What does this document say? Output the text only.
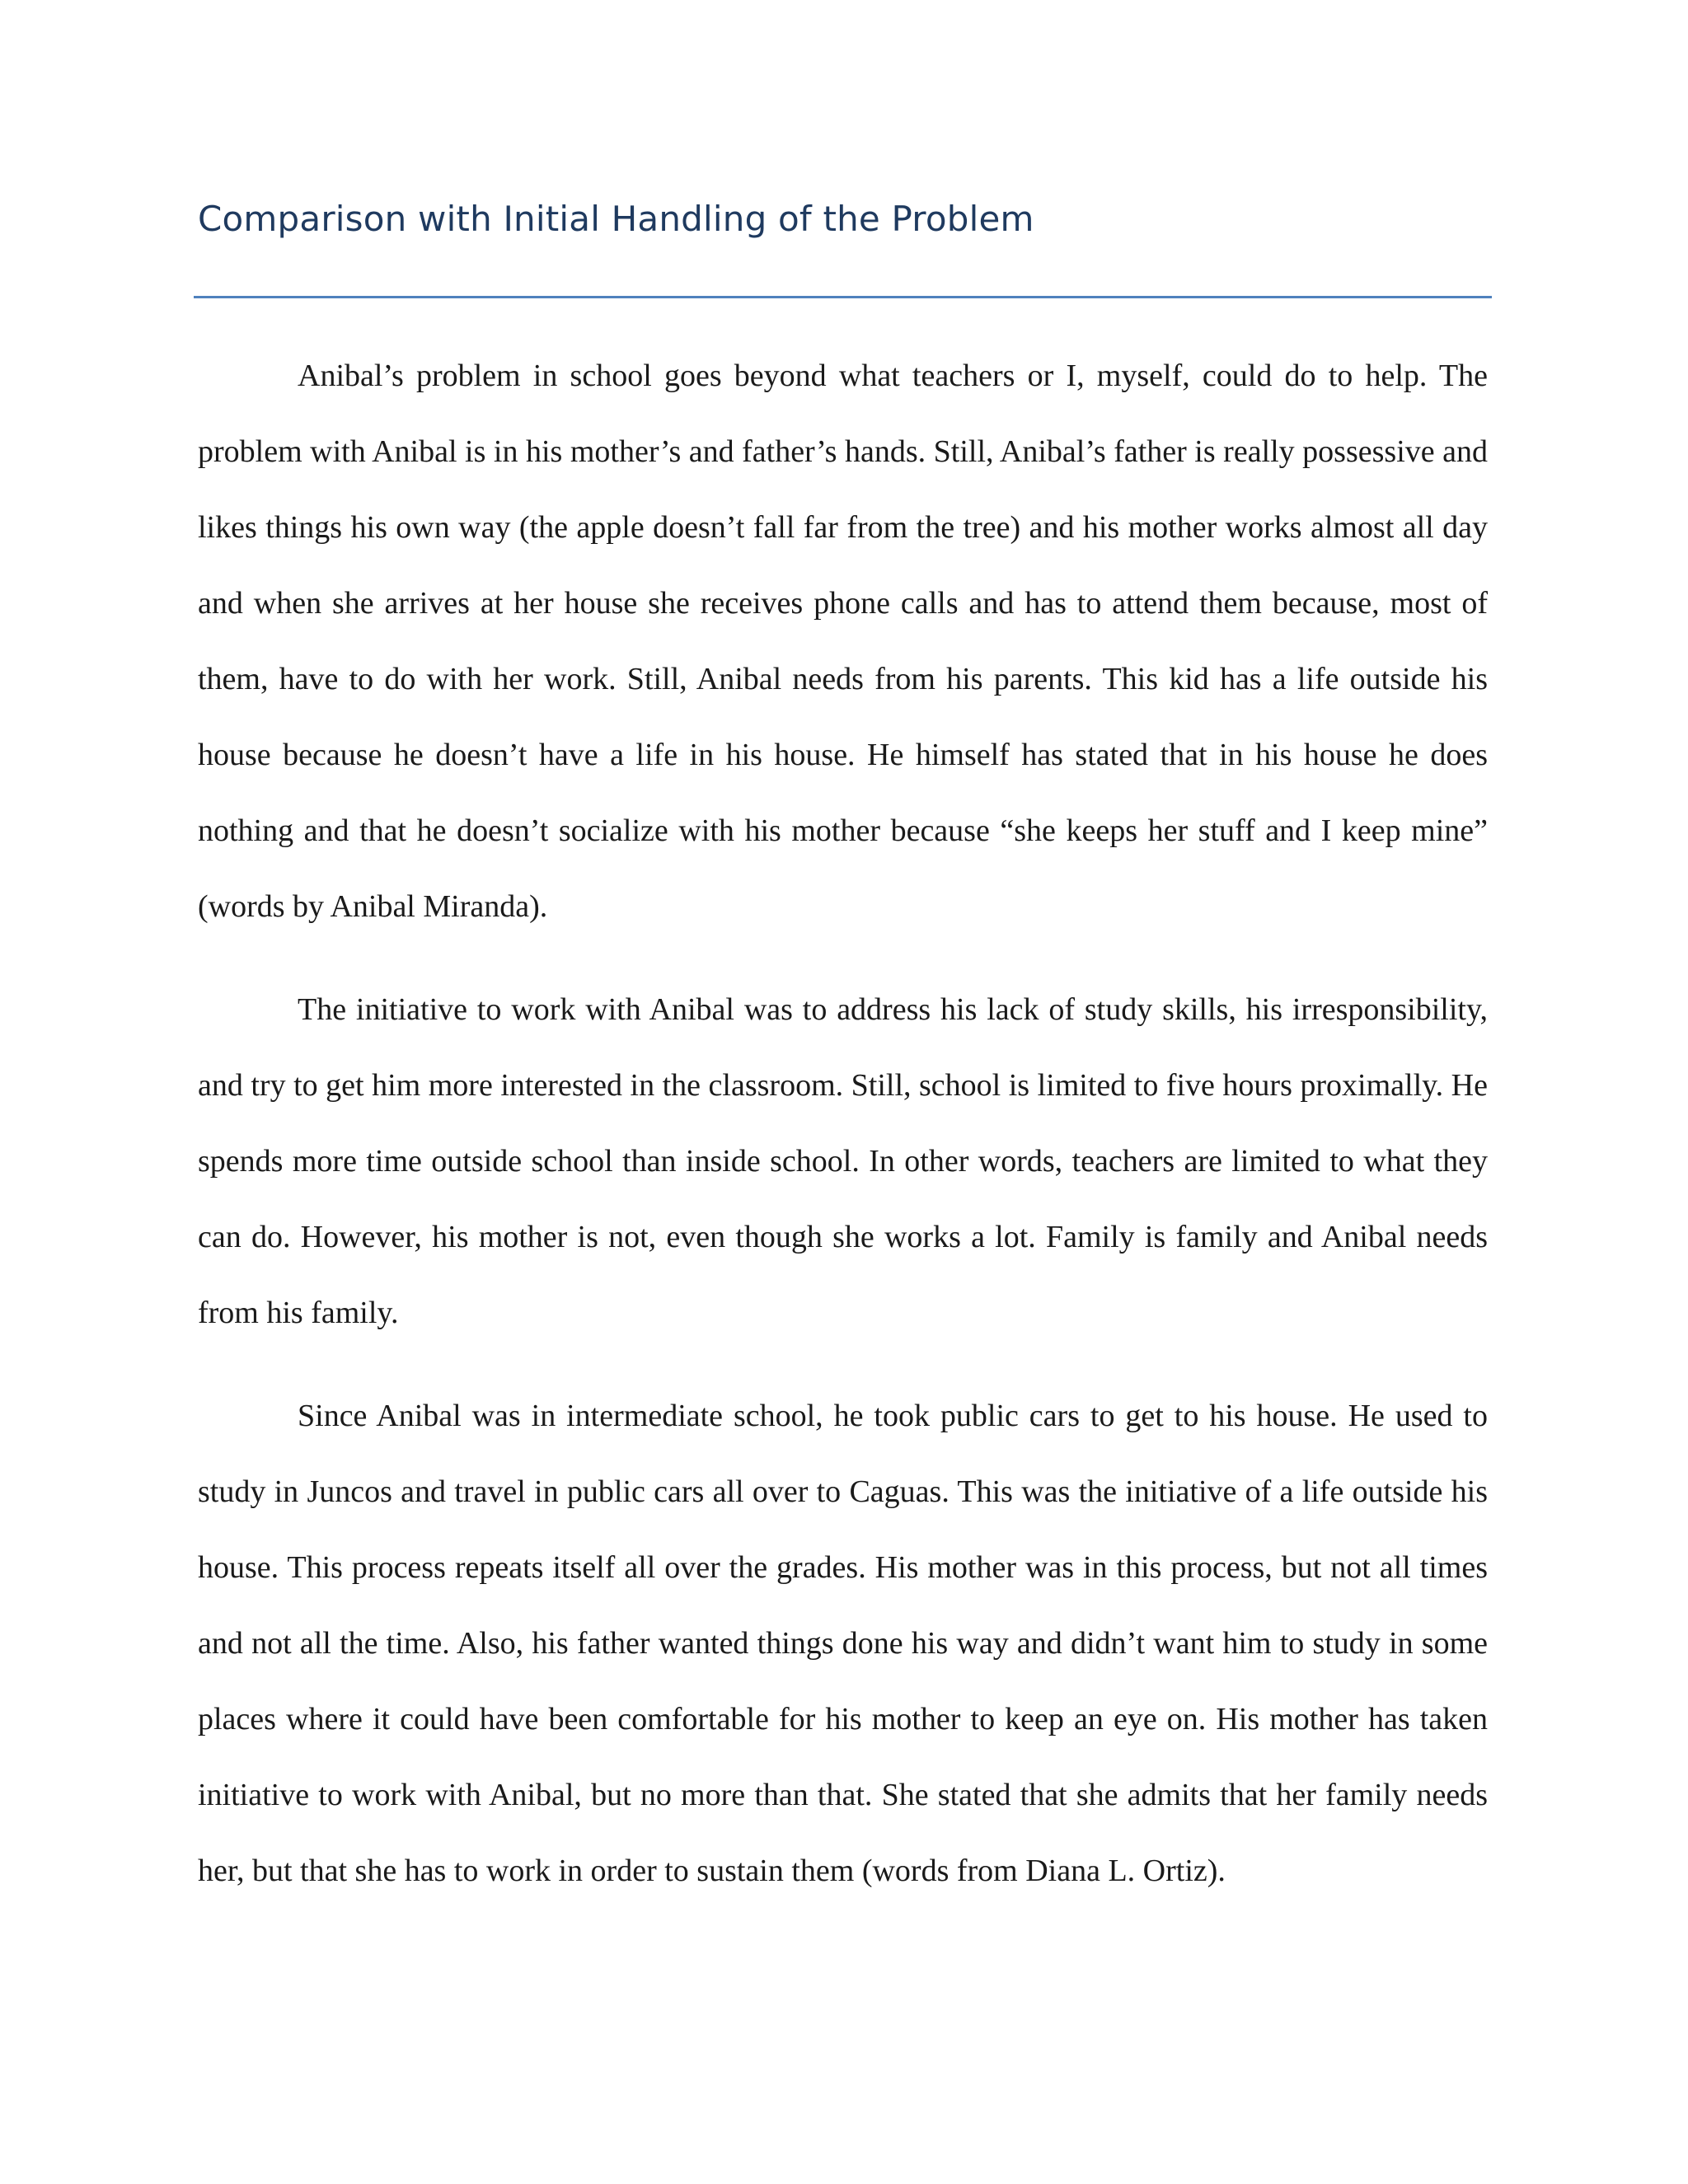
Comparison with Initial Handling of the Problem

Anibal’s problem in school goes beyond what teachers or I, myself, could do to help. The problem with Anibal is in his mother’s and father’s hands. Still, Anibal’s father is really possessive and likes things his own way (the apple doesn’t fall far from the tree) and his mother works almost all day and when she arrives at her house she receives phone calls and has to attend them because, most of them, have to do with her work. Still, Anibal needs from his parents. This kid has a life outside his house because he doesn’t have a life in his house. He himself has stated that in his house he does nothing and that he doesn’t socialize with his mother because “she keeps her stuff and I keep mine” (words by Anibal Miranda).

The initiative to work with Anibal was to address his lack of study skills, his irresponsibility, and try to get him more interested in the classroom. Still, school is limited to five hours proximally. He spends more time outside school than inside school. In other words, teachers are limited to what they can do. However, his mother is not, even though she works a lot. Family is family and Anibal needs from his family.

Since Anibal was in intermediate school, he took public cars to get to his house. He used to study in Juncos and travel in public cars all over to Caguas. This was the initiative of a life outside his house. This process repeats itself all over the grades. His mother was in this process, but not all times and not all the time. Also, his father wanted things done his way and didn’t want him to study in some places where it could have been comfortable for his mother to keep an eye on. His mother has taken initiative to work with Anibal, but no more than that. She stated that she admits that her family needs her, but that she has to work in order to sustain them (words from Diana L. Ortiz).
